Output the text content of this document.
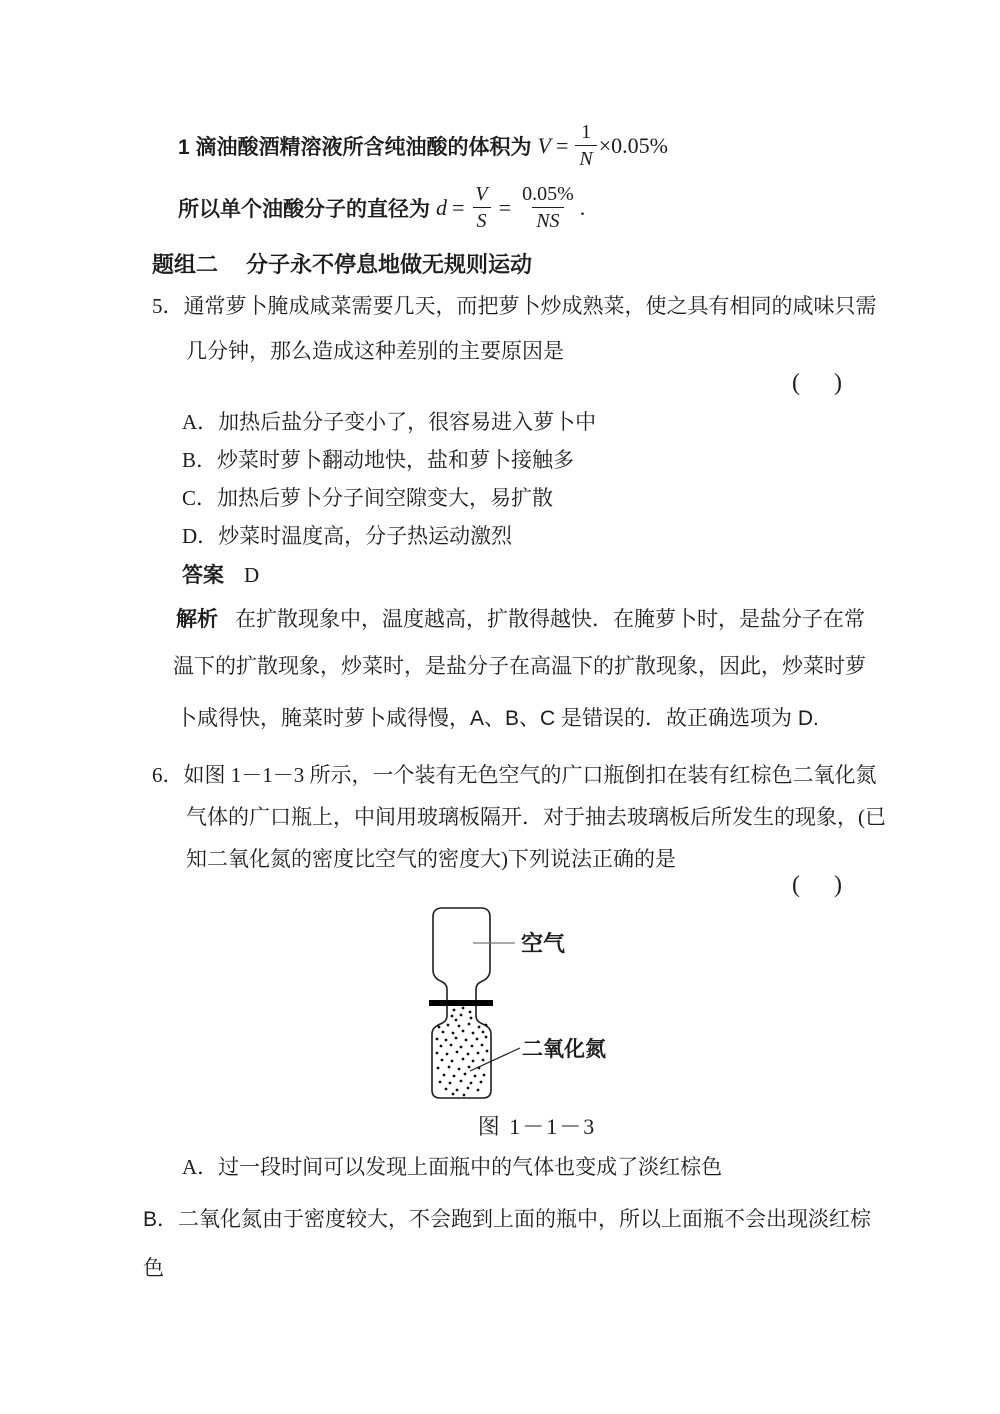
1 滴油酸酒精溶液所含纯油酸的体积为 $V = \frac{1}{N} \times 0.05\%$
所以单个油酸分子的直径为 $d = \frac{V}{S} = \frac{0.05\%}{NS}$ .
题组二 分子永不停息地做无规则运动
5．通常萝卜腌成咸菜需要几天，而把萝卜炒成熟菜，使之具有相同的咸味只需
几分钟，那么造成这种差别的主要原因是
( )
A．加热后盐分子变小了，很容易进入萝卜中
B．炒菜时萝卜翻动地快，盐和萝卜接触多
C．加热后萝卜分子间空隙变大，易扩散
D．炒菜时温度高，分子热运动激烈
答案 D
解析 在扩散现象中，温度越高，扩散得越快．在腌萝卜时，是盐分子在常
温下的扩散现象，炒菜时，是盐分子在高温下的扩散现象，因此，炒菜时萝
卜咸得快，腌菜时萝卜咸得慢，A、B、C 是错误的．故正确选项为 D.
6．如图 1－1－3 所示，一个装有无色空气的广口瓶倒扣在装有红棕色二氧化氮
气体的广口瓶上，中间用玻璃板隔开．对于抽去玻璃板后所发生的现象，(已
知二氧化氮的密度比空气的密度大)下列说法正确的是
( )
空气
二氧化氮
图 1－1－3
A．过一段时间可以发现上面瓶中的气体也变成了淡红棕色
B．二氧化氮由于密度较大，不会跑到上面的瓶中，所以上面瓶不会出现淡红棕
色
